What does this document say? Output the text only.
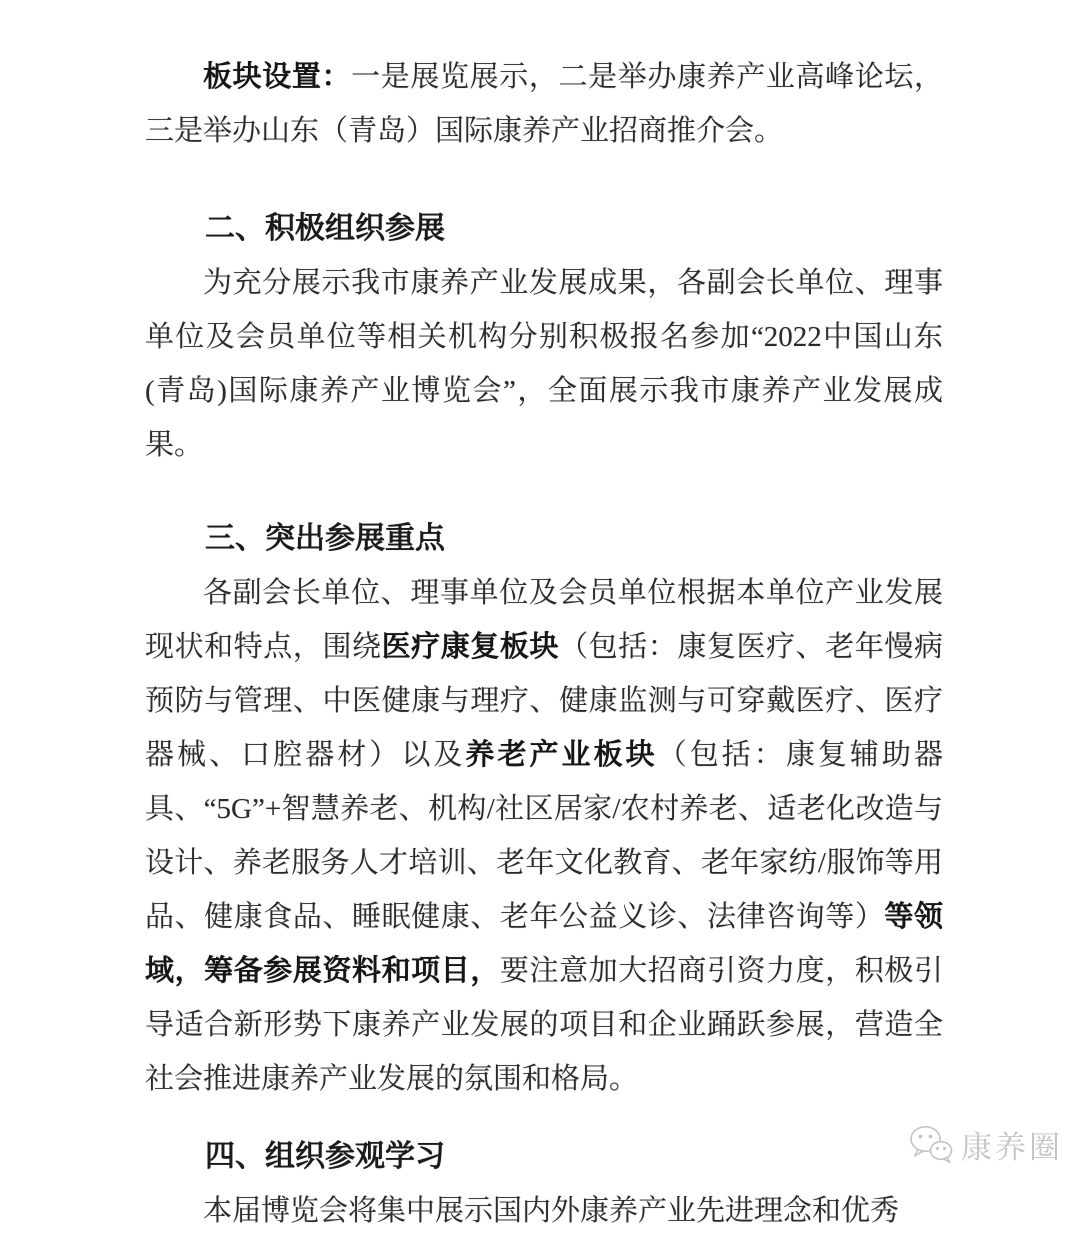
板块设置：一是展览展示，二是举办康养产业高峰论坛，三是举办山东（青岛）国际康养产业招商推介会。

二、积极组织参展

为充分展示我市康养产业发展成果，各副会长单位、理事单位及会员单位等相关机构分别积极报名参加“2022中国山东(青岛)国际康养产业博览会”，全面展示我市康养产业发展成果。

三、突出参展重点

各副会长单位、理事单位及会员单位根据本单位产业发展现状和特点，围绕医疗康复板块（包括：康复医疗、老年慢病预防与管理、中医健康与理疗、健康监测与可穿戴医疗、医疗器械、口腔器材）以及养老产业板块（包括：康复辅助器具、“5G”+智慧养老、机构/社区居家/农村养老、适老化改造与设计、养老服务人才培训、老年文化教育、老年家纺/服饰等用品、健康食品、睡眠健康、老年公益义诊、法律咨询等）等领域，筹备参展资料和项目，要注意加大招商引资力度，积极引导适合新形势下康养产业发展的项目和企业踊跃参展，营造全社会推进康养产业发展的氛围和格局。

四、组织参观学习

本届博览会将集中展示国内外康养产业先进理念和优秀

康养圈
